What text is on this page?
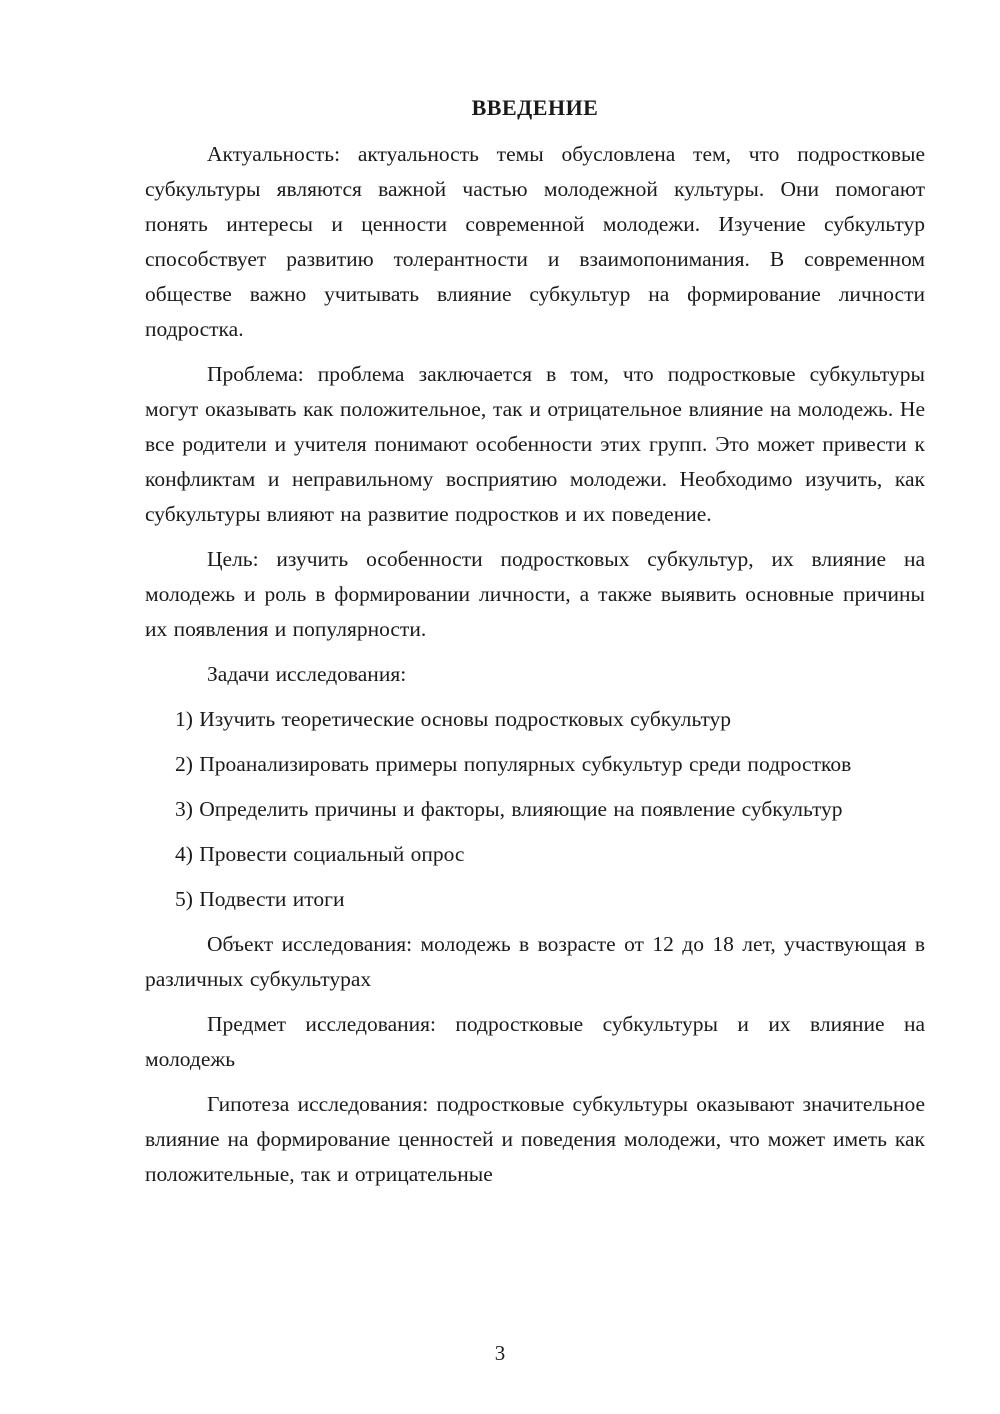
ВВЕДЕНИЕ

Актуальность: актуальность темы обусловлена тем, что подростковые субкультуры являются важной частью молодежной культуры. Они помогают понять интересы и ценности современной молодежи. Изучение субкультур способствует развитию толерантности и взаимопонимания. В современном обществе важно учитывать влияние субкультур на формирование личности подростка.

Проблема: проблема заключается в том, что подростковые субкультуры могут оказывать как положительное, так и отрицательное влияние на молодежь. Не все родители и учителя понимают особенности этих групп. Это может привести к конфликтам и неправильному восприятию молодежи. Необходимо изучить, как субкультуры влияют на развитие подростков и их поведение.

Цель: изучить особенности подростковых субкультур, их влияние на молодежь и роль в формировании личности, а также выявить основные причины их появления и популярности.

Задачи исследования:

1) Изучить теоретические основы подростковых субкультур

2) Проанализировать примеры популярных субкультур среди подростков

3) Определить причины и факторы, влияющие на появление субкультур

4) Провести социальный опрос

5) Подвести итоги

Объект исследования: молодежь в возрасте от 12 до 18 лет, участвующая в различных субкультурах

Предмет исследования: подростковые субкультуры и их влияние на молодежь

Гипотеза исследования: подростковые субкультуры оказывают значительное влияние на формирование ценностей и поведения молодежи, что может иметь как положительные, так и отрицательные

3
